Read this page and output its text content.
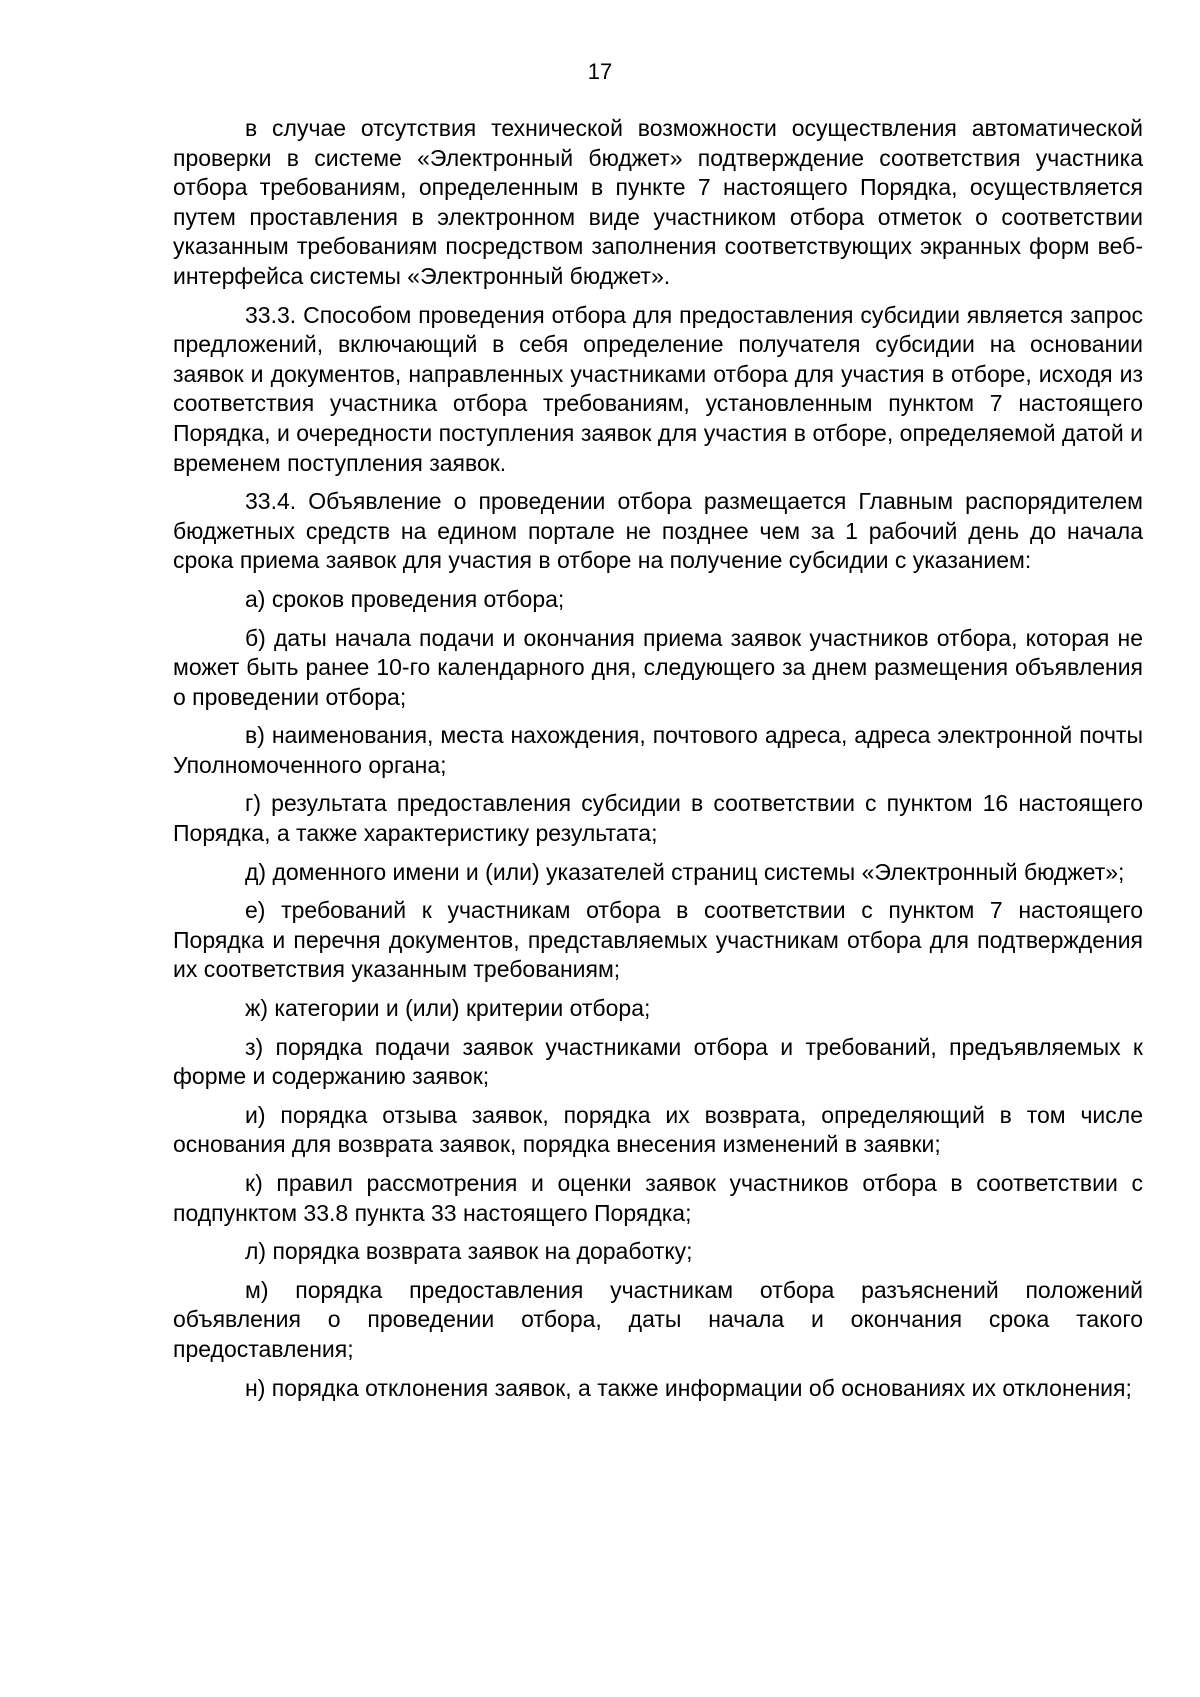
17

в случае отсутствия технической возможности осуществления автоматической проверки в системе «Электронный бюджет» подтверждение соответствия участника отбора требованиям, определенным в пункте 7 настоящего Порядка, осуществляется путем проставления в электронном виде участником отбора отметок о соответствии указанным требованиям посредством заполнения соответствующих экранных форм веб-интерфейса системы «Электронный бюджет».

33.3. Способом проведения отбора для предоставления субсидии является запрос предложений, включающий в себя определение получателя субсидии на основании заявок и документов, направленных участниками отбора для участия в отборе, исходя из соответствия участника отбора требованиям, установленным пунктом 7 настоящего Порядка, и очередности поступления заявок для участия в отборе, определяемой датой и временем поступления заявок.

33.4. Объявление о проведении отбора размещается Главным распорядителем бюджетных средств на едином портале не позднее чем за 1 рабочий день до начала срока приема заявок для участия в отборе на получение субсидии с указанием:

а) сроков проведения отбора;

б) даты начала подачи и окончания приема заявок участников отбора, которая не может быть ранее 10-го календарного дня, следующего за днем размещения объявления о проведении отбора;

в) наименования, места нахождения, почтового адреса, адреса электронной почты Уполномоченного органа;

г) результата предоставления субсидии в соответствии с пунктом 16 настоящего Порядка, а также характеристику результата;

д) доменного имени и (или) указателей страниц системы «Электронный бюджет»;

е) требований к участникам отбора в соответствии с пунктом 7 настоящего Порядка и перечня документов, представляемых участникам отбора для подтверждения их соответствия указанным требованиям;

ж) категории и (или) критерии отбора;

з) порядка подачи заявок участниками отбора и требований, предъявляемых к форме и содержанию заявок;

и) порядка отзыва заявок, порядка их возврата, определяющий в том числе основания для возврата заявок, порядка внесения изменений в заявки;

к) правил рассмотрения и оценки заявок участников отбора в соответствии с подпунктом 33.8 пункта 33 настоящего Порядка;

л) порядка возврата заявок на доработку;

м) порядка предоставления участникам отбора разъяснений положений объявления о проведении отбора, даты начала и окончания срока такого предоставления;

н) порядка отклонения заявок, а также информации об основаниях их отклонения;
